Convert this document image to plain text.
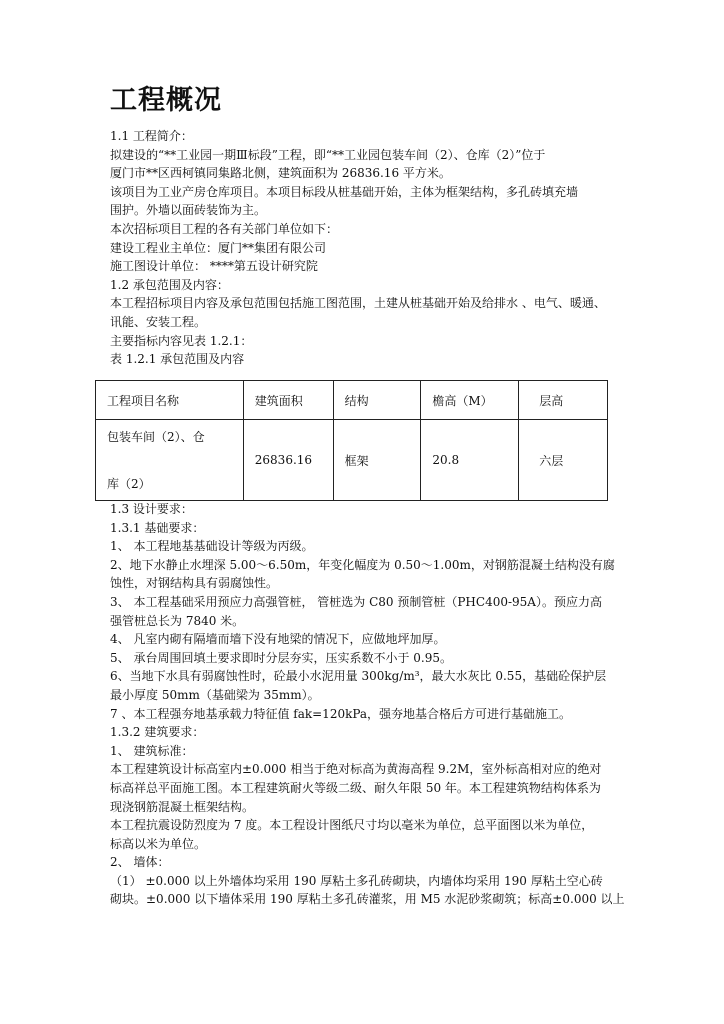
工程概况
1.1 工程简介：
拟建设的“**工业园一期Ⅲ标段”工程，即“**工业园包装车间（2）、仓库（2）”位于
厦门市**区西柯镇同集路北侧，建筑面积为 26836.16 平方米。
该项目为工业产房仓库项目。本项目标段从桩基础开始，主体为框架结构，多孔砖填充墙
围护。外墙以面砖装饰为主。
本次招标项目工程的各有关部门单位如下：
建设工程业主单位：厦门**集团有限公司
施工图设计单位： ****第五设计研究院
1.2 承包范围及内容：
本工程招标项目内容及承包范围包括施工图范围，土建从桩基础开始及给排水 、电气、暖通、
讯能、安装工程。
主要指标内容见表 1.2.1：
表 1.2.1 承包范围及内容
工程项目名称	建筑面积	结构	檐高（M）	层高

包装车间（2）、仓
库（2）	26836.16	框架	20.8	六层
1.3 设计要求：
1.3.1 基础要求：
1、 本工程地基基础设计等级为丙级。
2、地下水静止水埋深 5.00～6.50m，年变化幅度为 0.50～1.00m，对钢筋混凝土结构没有腐
蚀性，对钢结构具有弱腐蚀性。
3、 本工程基础采用预应力高强管桩， 管桩选为 C80 预制管桩（PHC400-95A）。预应力高
强管桩总长为 7840 米。
4、 凡室内砌有隔墙而墙下没有地梁的情况下，应做地坪加厚。
5、 承台周围回填土要求即时分层夯实，压实系数不小于 0.95。
6、当地下水具有弱腐蚀性时，砼最小水泥用量 300kg/m³，最大水灰比 0.55，基础砼保护层
最小厚度 50mm（基础梁为 35mm）。
7 、本工程强夯地基承载力特征值 fak=120kPa，强夯地基合格后方可进行基础施工。
1.3.2 建筑要求：
1、 建筑标准：
本工程建筑设计标高室内±0.000 相当于绝对标高为黄海高程 9.2M，室外标高相对应的绝对
标高祥总平面施工图。本工程建筑耐火等级二级、耐久年限 50 年。本工程建筑物结构体系为
现浇钢筋混凝土框架结构。
本工程抗震设防烈度为 7 度。本工程设计图纸尺寸均以毫米为单位，总平面图以米为单位，
标高以米为单位。
2、 墙体：
（1） ±0.000 以上外墙体均采用 190 厚粘土多孔砖砌块，内墙体均采用 190 厚粘土空心砖
砌块。±0.000 以下墙体采用 190 厚粘土多孔砖灌浆，用 M5 水泥砂浆砌筑；标高±0.000 以上
